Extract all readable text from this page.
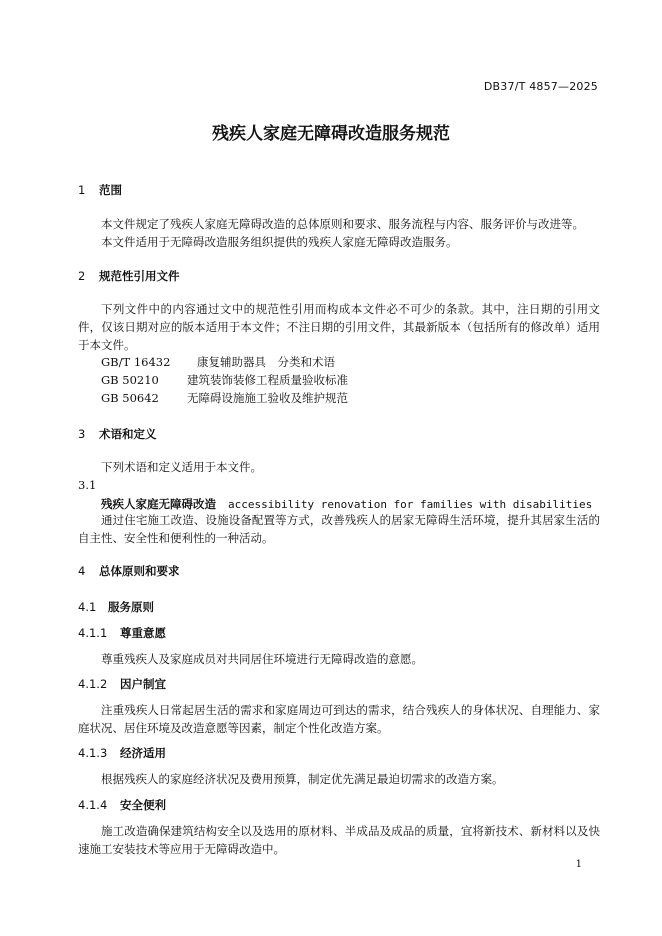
DB37/T 4857—2025
残疾人家庭无障碍改造服务规范
1 范围
本文件规定了残疾人家庭无障碍改造的总体原则和要求、服务流程与内容、服务评价与改进等。
本文件适用于无障碍改造服务组织提供的残疾人家庭无障碍改造服务。
2 规范性引用文件
下列文件中的内容通过文中的规范性引用而构成本文件必不可少的条款。其中，注日期的引用文件，仅该日期对应的版本适用于本文件；不注日期的引用文件，其最新版本（包括所有的修改单）适用于本文件。
GB/T 16432 康复辅助器具　分类和术语
GB 50210 建筑装饰装修工程质量验收标准
GB 50642 无障碍设施施工验收及维护规范
3 术语和定义
下列术语和定义适用于本文件。
3.1
残疾人家庭无障碍改造 accessibility renovation for families with disabilities
通过住宅施工改造、设施设备配置等方式，改善残疾人的居家无障碍生活环境，提升其居家生活的自主性、安全性和便利性的一种活动。
4 总体原则和要求
4.1 服务原则
4.1.1 尊重意愿
尊重残疾人及家庭成员对共同居住环境进行无障碍改造的意愿。
4.1.2 因户制宜
注重残疾人日常起居生活的需求和家庭周边可到达的需求，结合残疾人的身体状况、自理能力、家庭状况、居住环境及改造意愿等因素，制定个性化改造方案。
4.1.3 经济适用
根据残疾人的家庭经济状况及费用预算，制定优先满足最迫切需求的改造方案。
4.1.4 安全便利
施工改造确保建筑结构安全以及选用的原材料、半成品及成品的质量，宜将新技术、新材料以及快速施工安装技术等应用于无障碍改造中。
1
